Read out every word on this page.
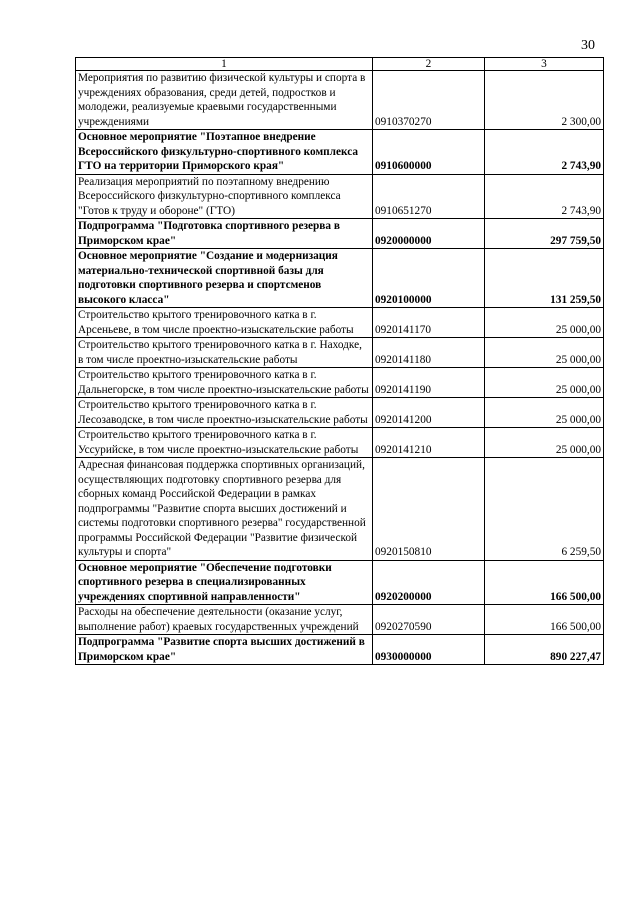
30
1	2	3
Мероприятия по развитию физической культуры и спорта в учреждениях образования, среди детей, подростков и молодежи, реализуемые краевыми государственными учреждениями	0910370270	2 300,00
Основное мероприятие "Поэтапное внедрение Всероссийского физкультурно-спортивного комплекса ГТО на территории Приморского края"	0910600000	2 743,90
Реализация мероприятий по поэтапному внедрению Всероссийского физкультурно-спортивного комплекса "Готов к труду и обороне" (ГТО)	0910651270	2 743,90
Подпрограмма "Подготовка спортивного резерва в Приморском крае"	0920000000	297 759,50
Основное мероприятие "Создание и модернизация материально-технической спортивной базы для подготовки спортивного резерва и спортсменов высокого класса"	0920100000	131 259,50
Строительство крытого тренировочного катка в г. Арсеньеве, в том числе проектно-изыскательские работы	0920141170	25 000,00
Строительство крытого тренировочного катка в г. Находке, в том числе проектно-изыскательские работы	0920141180	25 000,00
Строительство крытого тренировочного катка в г. Дальнегорске, в том числе проектно-изыскательские работы	0920141190	25 000,00
Строительство крытого тренировочного катка в г. Лесозаводске, в том числе проектно-изыскательские работы	0920141200	25 000,00
Строительство крытого тренировочного катка в г. Уссурийске, в том числе проектно-изыскательские работы	0920141210	25 000,00
Адресная финансовая поддержка спортивных организаций, осуществляющих подготовку спортивного резерва для сборных команд Российской Федерации в рамках подпрограммы "Развитие спорта высших достижений и системы подготовки спортивного резерва" государственной программы Российской Федерации "Развитие физической культуры и спорта"	0920150810	6 259,50
Основное мероприятие "Обеспечение подготовки спортивного резерва в специализированных учреждениях спортивной направленности"	0920200000	166 500,00
Расходы на обеспечение деятельности (оказание услуг, выполнение работ) краевых государственных учреждений	0920270590	166 500,00
Подпрограмма "Развитие спорта высших достижений в Приморском крае"	0930000000	890 227,47
